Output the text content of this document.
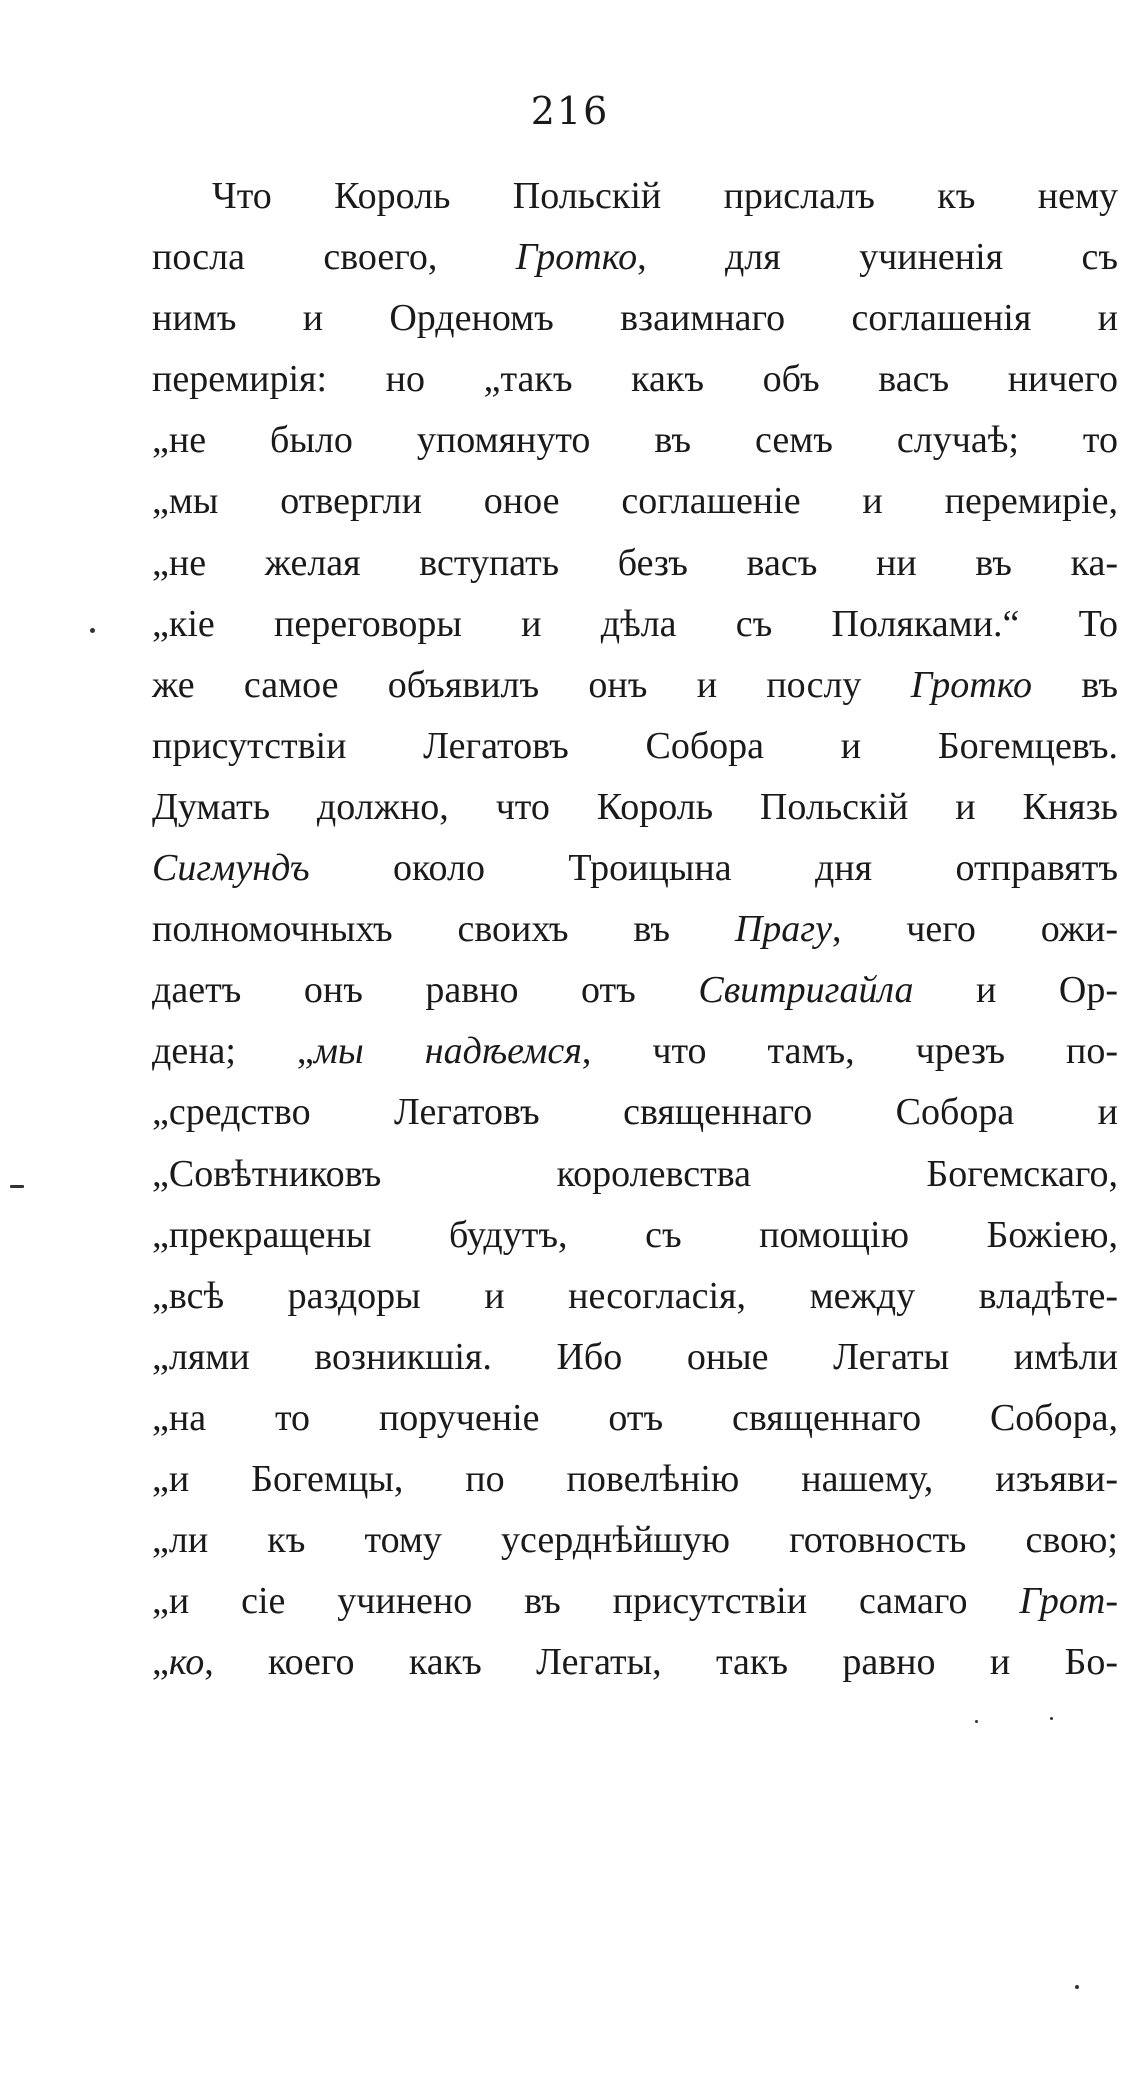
216
Что Король Польскій прислалъ къ нему
посла своего, Гротко, для учиненія съ
нимъ и Орденомъ взаимнаго соглашенія и
перемирія: но „такъ какъ объ васъ ничего
„не было упомянуто въ семъ случаѣ; то
„мы отвергли оное соглашеніе и перемиріе,
„не желая вступать безъ васъ ни въ ка-
„кіе переговоры и дѣла съ Поляками.“ То
же самое объявилъ онъ и послу Гротко въ
присутствіи Легатовъ Собора и Богемцевъ.
Думать должно, что Король Польскій и Князь
Сигмундъ около Троицына дня отправятъ
полномочныхъ своихъ въ Прагу, чего ожи-
даетъ онъ равно отъ Свитригайла и Ор-
дена; „мы надѣемся, что тамъ, чрезъ по-
„средство Легатовъ священнаго Собора и
„Совѣтниковъ королевства Богемскаго,
„прекращены будутъ, съ помощію Божіею,
„всѣ раздоры и несогласія, между владѣте-
„лями возникшія. Ибо оные Легаты имѣли
„на то порученіе отъ священнаго Собора,
„и Богемцы, по повелѣнію нашему, изъяви-
„ли къ тому усерднѣйшую готовность свою;
„и сіе учинено въ присутствіи самаго Грот-
„ко, коего какъ Легаты, такъ равно и Бо-
